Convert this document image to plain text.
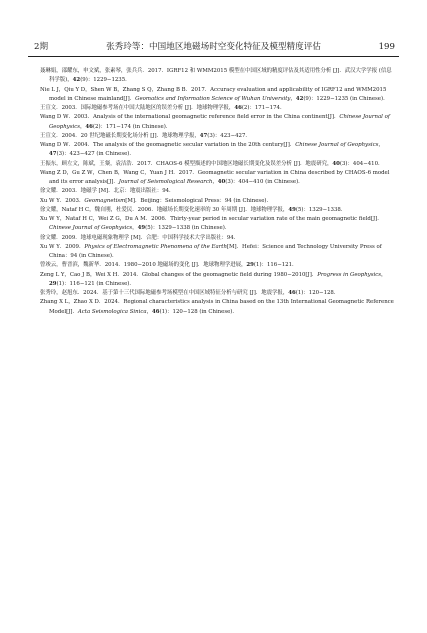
2期	张秀玲等：中国地区地磁场时空变化特征及模型精度评估	199
聂琳娟，邵耀东，申文斌，张素琴，张兵兵．2017．IGRF12 和 WMM2015 模型在中国区域的精度评估及其适用性分析 [J]．武汉大学学报 (信息科学版)，42(9)：1229−1235．
Nie L J，Qiu Y D，Shen W B，Zhang S Q，Zhang B B．2017．Accuracy evaluation and applicability of IGRF12 and WMM2015 model in Chinese mainland[J]．Geomatics and Information Science of Wuhan University，42(9)：1229−1235 (in Chinese)．
王宣文．2003．国际地磁参考场在中国大陆地区的误差分析 [J]．地球物理学报，46(2)：171−174．
Wang D W．2003．Analysis of the international geomagnetic reference field error in the China continent[J]．Chinese Journal of Geophysics，46(2)：171−174 (in Chinese)．
王宣文．2004．20 世纪地磁长期变化场分析 [J]．地球物理学报，47(3)：423−427．
Wang D W．2004．The analysis of the geomagnetic secular variation in the 20th century[J]．Chinese Journal of Geophysics，47(3)：423−427 (in Chinese)．
王振东，顾左文，陈斌，王粲，袁洁浩．2017．CHAOS-6 模型描述的中国地区地磁长期变化及误差分析 [J]．地震研究，40(3)：404−410．
Wang Z D，Gu Z W，Chen B，Wang C，Yuan J H．2017．Geomagnetic secular variation in China described by CHAOS-6 model and its error analysis[J]．Journal of Seismological Research，40(3)：404−410 (in Chinese)．
徐文耀．2003．地磁学 [M]．北京：地震出版社：94．
Xu W Y．2003．Geomagnetism[M]．Beijing：Seismological Press：94 (in Chinese)．
徐文耀，Nataf H C，魏自刚，杜爱民．2006．地磁场长期变化速率的 30 年周期 [J]．地球物理学报，49(5)：1329−1338．
Xu W Y，Nataf H C，Wei Z G，Du A M．2006．Thirty-year period in secular variation rate of the main geomagnetic field[J]．Chinese Journal of Geophysics，49(5)：1329−1338 (in Chinese)．
徐文耀．2009．地球电磁现象物理学 [M]．合肥：中国科学技术大学出版社：94．
Xu W Y．2009．Physics of Electromagnetic Phenomena of the Earth[M]．Hefei：Science and Technology University Press of China：94 (in Chinese)．
曾竣云，曹晋滨，魏新华．2014．1980−2010 地磁场的变化 [J]．地球物理学进展，29(1)：116−121．
Zeng L Y，Cao J B，Wei X H．2014．Global changes of the geomagnetic field during 1980−2010[J]．Progress in Geophysics，29(1)：116−121 (in Chinese)．
张秀玲，赵旭东．2024．基于第十三代国际地磁参考场模型在中国区域特征分析与研究 [J]．地震学报，46(1)：120−128．
Zhang X L，Zhao X D．2024．Regional characteristics analysis in China based on the 13th International Geomagnetic Reference Model[J]．Acta Seismologica Sinica，46(1)：120−128 (in Chinese)．
